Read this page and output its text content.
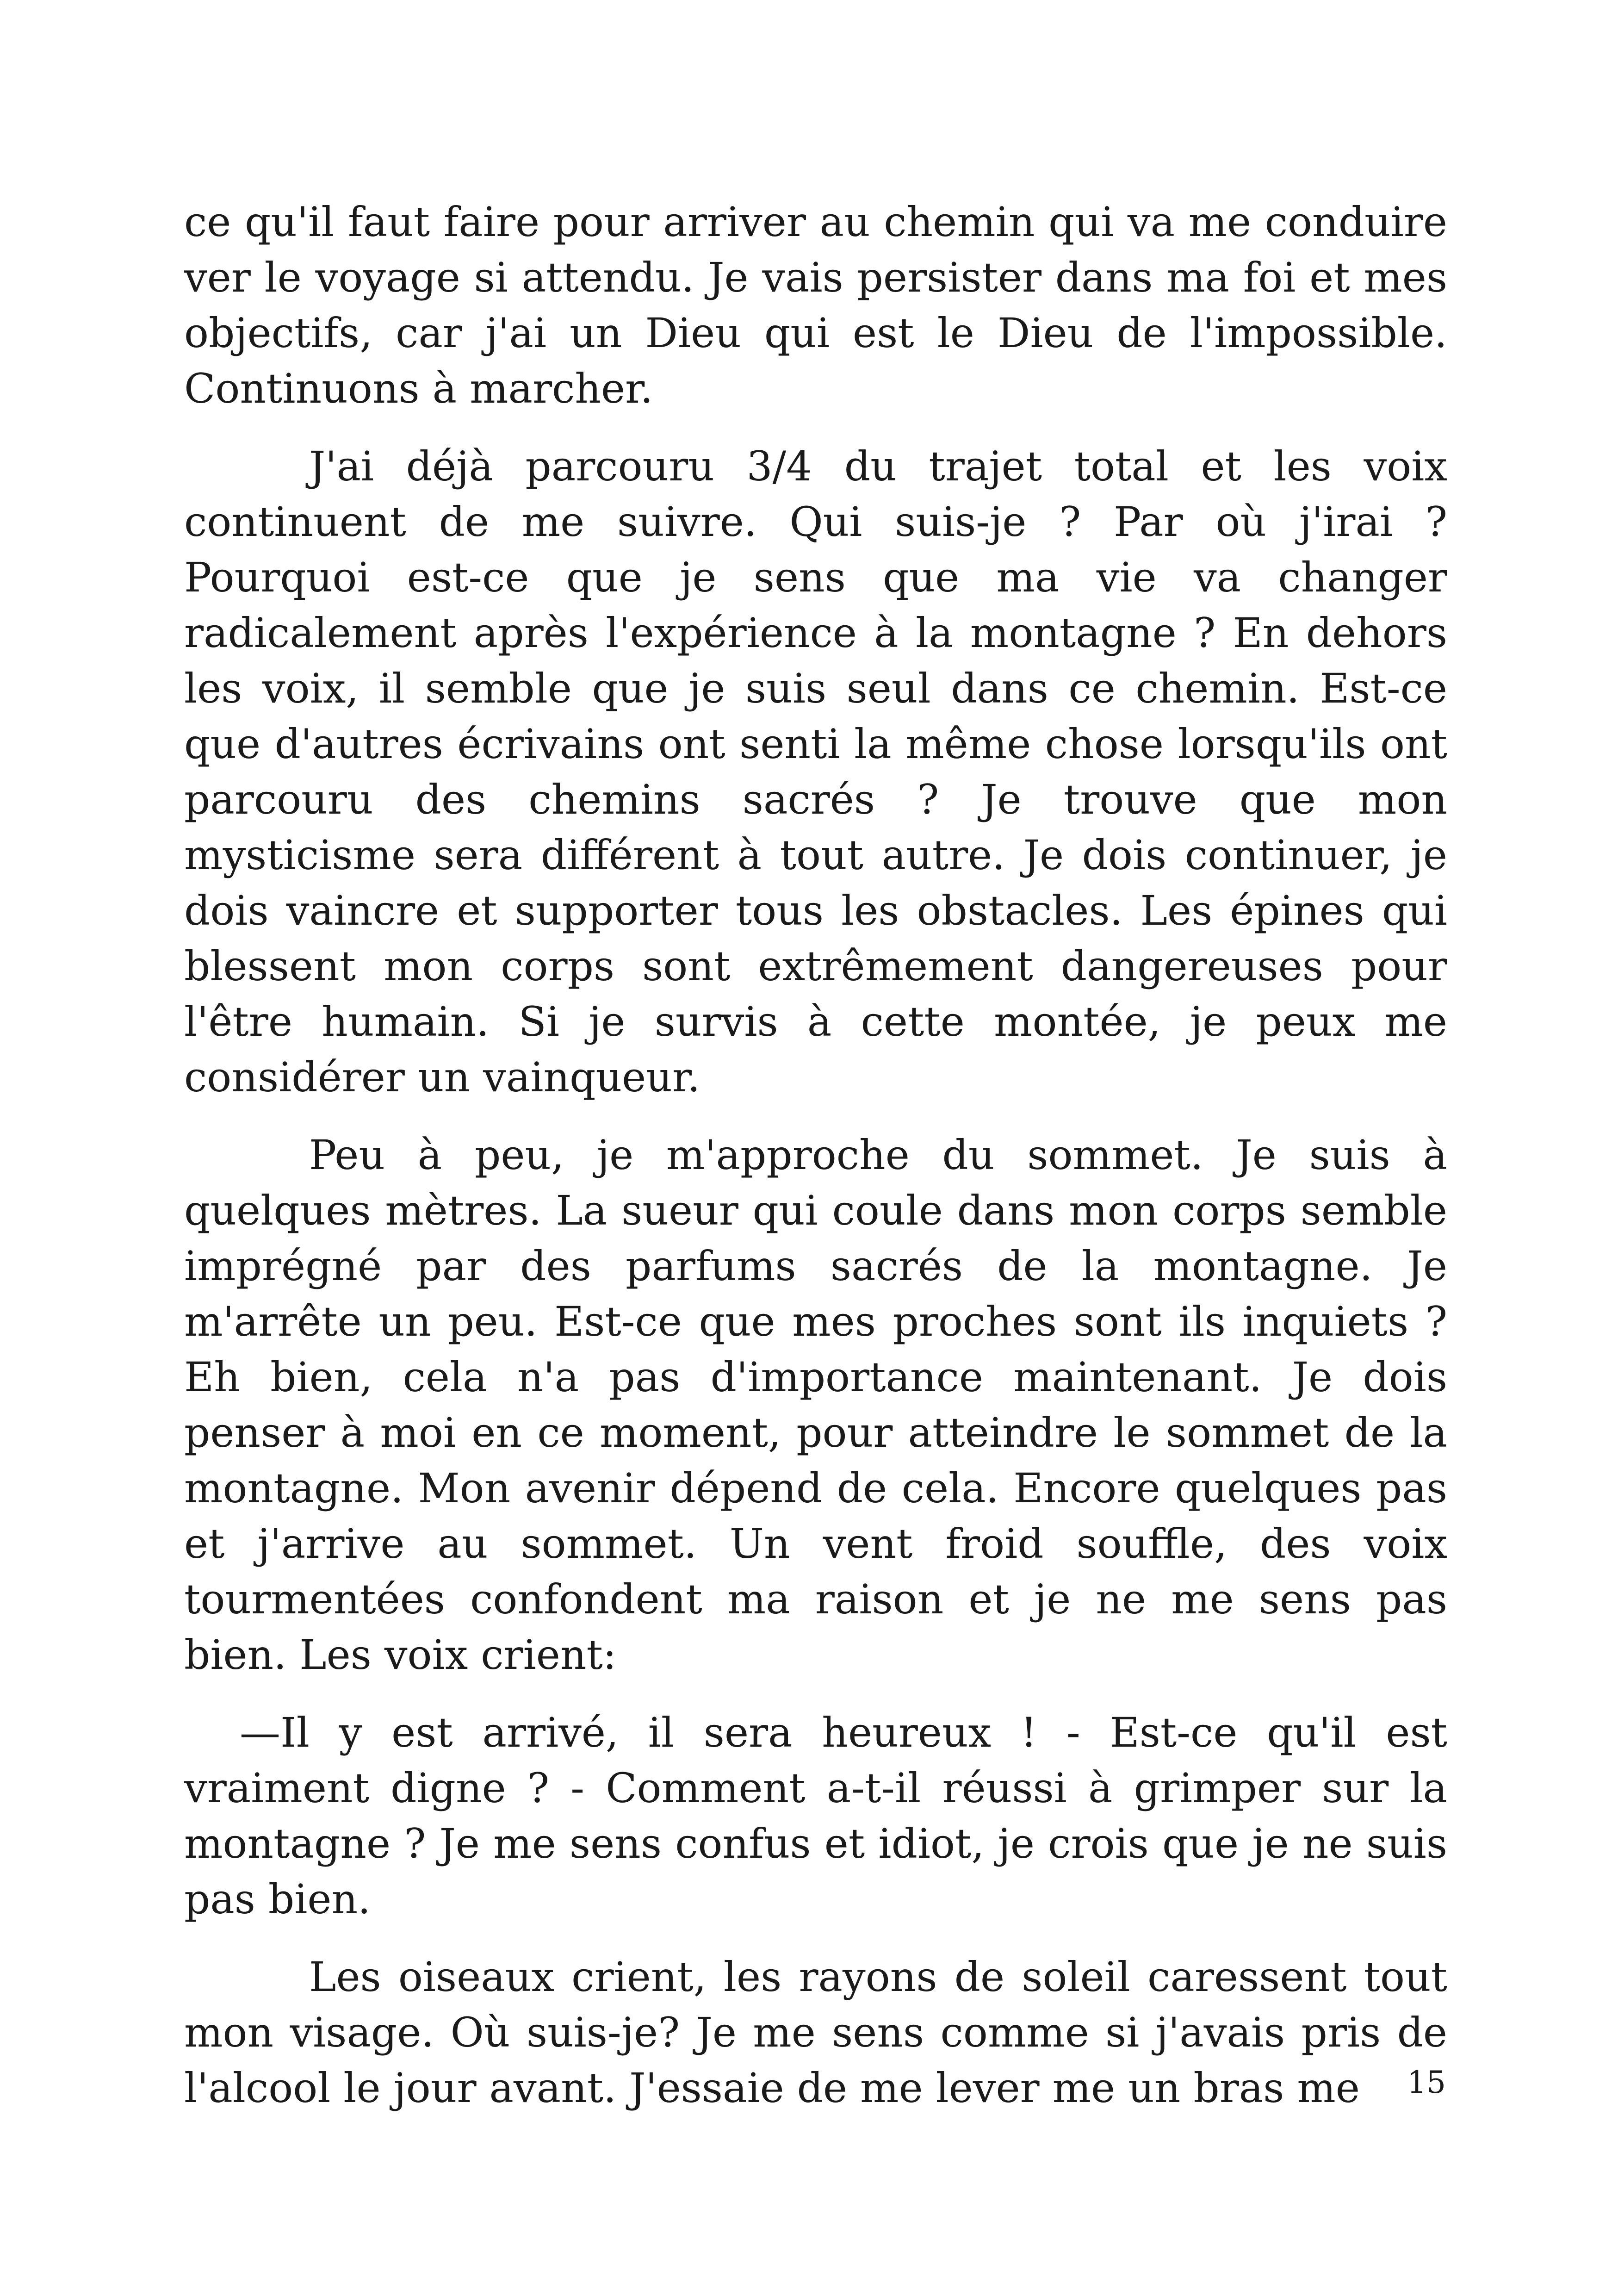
ce qu'il faut faire pour arriver au chemin qui va me conduire ver le voyage si attendu. Je vais persister dans ma foi et mes objectifs, car j'ai un Dieu qui est le Dieu de l'impossible. Continuons à marcher.

J'ai déjà parcouru 3/4 du trajet total et les voix continuent de me suivre. Qui suis-je ? Par où j'irai ? Pourquoi est-ce que je sens que ma vie va changer radicalement après l'expérience à la montagne ? En dehors les voix, il semble que je suis seul dans ce chemin. Est-ce que d'autres écrivains ont senti la même chose lorsqu'ils ont parcouru des chemins sacrés ? Je trouve que mon mysticisme sera différent à tout autre. Je dois continuer, je dois vaincre et supporter tous les obstacles. Les épines qui blessent mon corps sont extrêmement dangereuses pour l'être humain. Si je survis à cette montée, je peux me considérer un vainqueur.

Peu à peu, je m'approche du sommet. Je suis à quelques mètres. La sueur qui coule dans mon corps semble imprégné par des parfums sacrés de la montagne. Je m'arrête un peu. Est-ce que mes proches sont ils inquiets ? Eh bien, cela n'a pas d'importance maintenant. Je dois penser à moi en ce moment, pour atteindre le sommet de la montagne. Mon avenir dépend de cela. Encore quelques pas et j'arrive au sommet. Un vent froid souffle, des voix tourmentées confondent ma raison et je ne me sens pas bien. Les voix crient:

—Il y est arrivé, il sera heureux ! - Est-ce qu'il est vraiment digne ? - Comment a-t-il réussi à grimper sur la montagne ? Je me sens confus et idiot, je crois que je ne suis pas bien.

Les oiseaux crient, les rayons de soleil caressent tout mon visage. Où suis-je? Je me sens comme si j'avais pris de l'alcool le jour avant. J'essaie de me lever me un bras me	15
